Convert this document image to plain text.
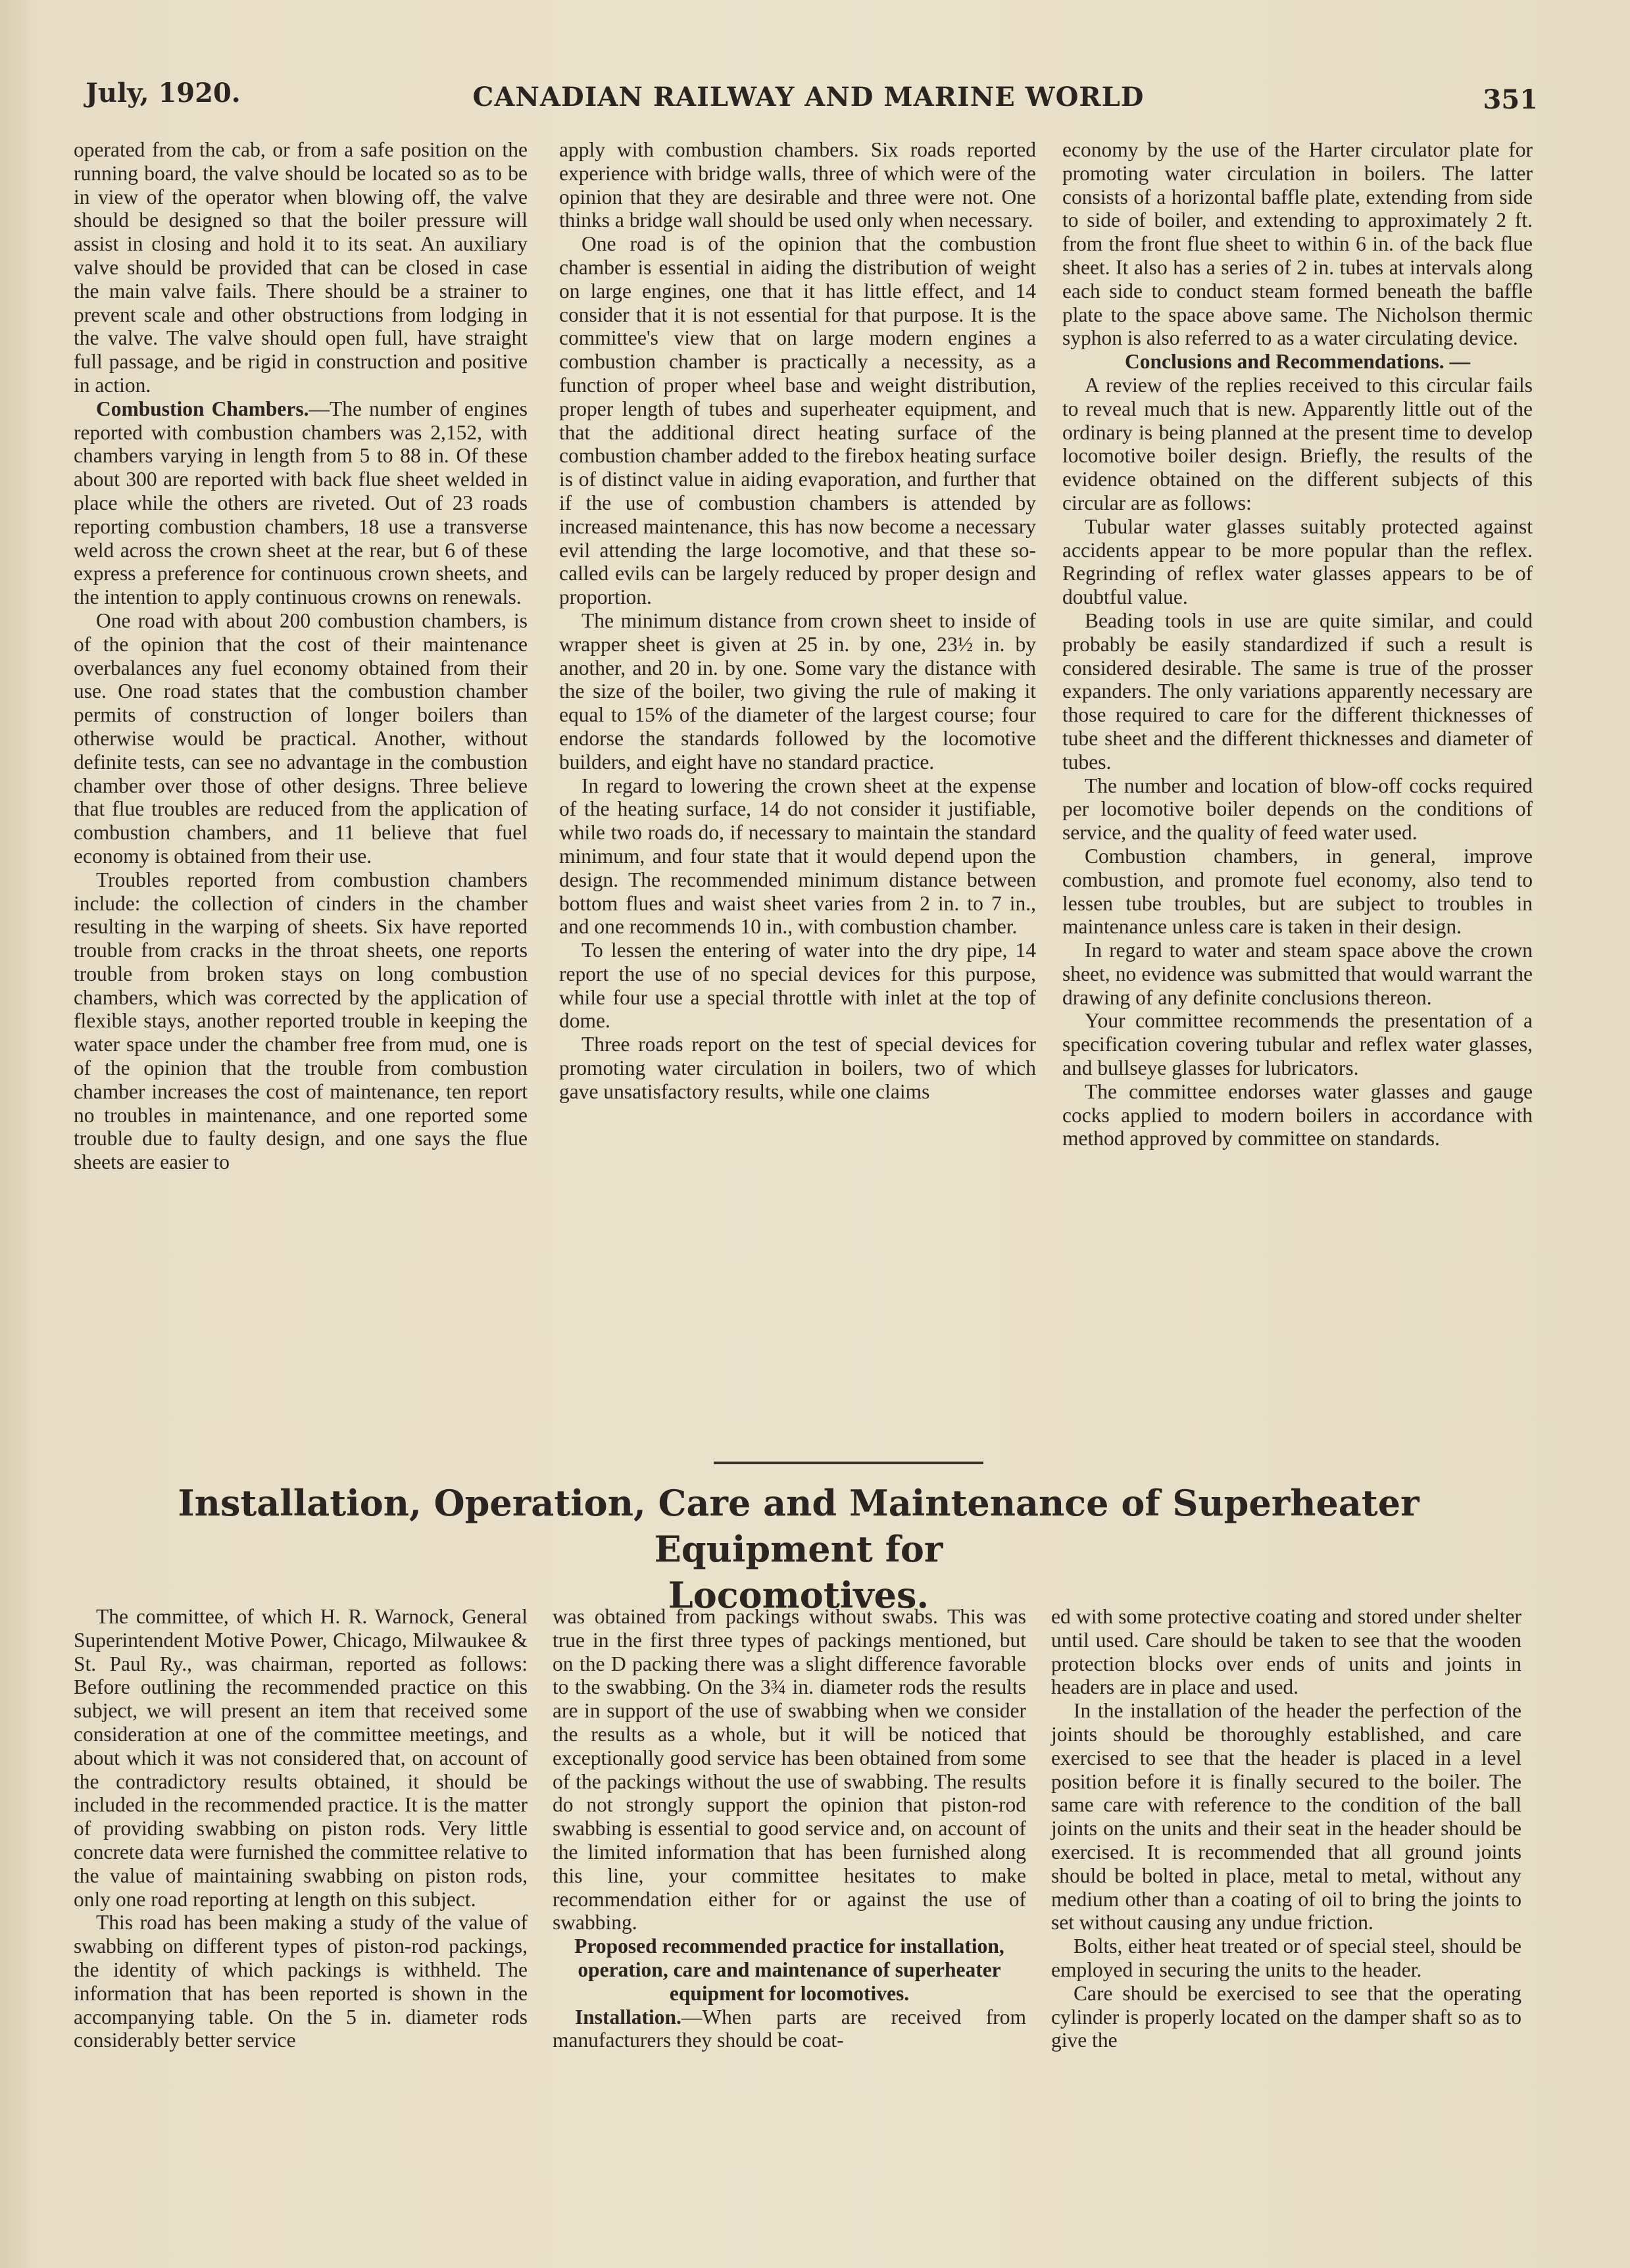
July, 1920.	CANADIAN RAILWAY AND MARINE WORLD	351

operated from the cab, or from a safe position on the running board, the valve should be located so as to be in view of the operator when blowing off, the valve should be designed so that the boiler pressure will assist in closing and hold it to its seat. An auxiliary valve should be provided that can be closed in case the main valve fails. There should be a strainer to prevent scale and other obstructions from lodging in the valve. The valve should open full, have straight full passage, and be rigid in construction and positive in action.

Combustion Chambers.—The number of engines reported with combustion chambers was 2,152, with chambers varying in length from 5 to 88 in. Of these about 300 are reported with back flue sheet welded in place while the others are riveted. Out of 23 roads reporting combustion chambers, 18 use a transverse weld across the crown sheet at the rear, but 6 of these express a preference for continuous crown sheets, and the intention to apply continuous crowns on renewals.

One road with about 200 combustion chambers, is of the opinion that the cost of their maintenance overbalances any fuel economy obtained from their use. One road states that the combustion chamber permits of construction of longer boilers than otherwise would be practical. Another, without definite tests, can see no advantage in the combustion chamber over those of other designs. Three believe that flue troubles are reduced from the application of combustion chambers, and 11 believe that fuel economy is obtained from their use.

Troubles reported from combustion chambers include: the collection of cinders in the chamber resulting in the warping of sheets. Six have reported trouble from cracks in the throat sheets, one reports trouble from broken stays on long combustion chambers, which was corrected by the application of flexible stays, another reported trouble in keeping the water space under the chamber free from mud, one is of the opinion that the trouble from combustion chamber increases the cost of maintenance, ten report no troubles in maintenance, and one reported some trouble due to faulty design, and one says the flue sheets are easier to

apply with combustion chambers. Six roads reported experience with bridge walls, three of which were of the opinion that they are desirable and three were not. One thinks a bridge wall should be used only when necessary.

One road is of the opinion that the combustion chamber is essential in aiding the distribution of weight on large engines, one that it has little effect, and 14 consider that it is not essential for that purpose. It is the committee's view that on large modern engines a combustion chamber is practically a necessity, as a function of proper wheel base and weight distribution, proper length of tubes and superheater equipment, and that the additional direct heating surface of the combustion chamber added to the firebox heating surface is of distinct value in aiding evaporation, and further that if the use of combustion chambers is attended by increased maintenance, this has now become a necessary evil attending the large locomotive, and that these so-called evils can be largely reduced by proper design and proportion.

The minimum distance from crown sheet to inside of wrapper sheet is given at 25 in. by one, 23½ in. by another, and 20 in. by one. Some vary the distance with the size of the boiler, two giving the rule of making it equal to 15% of the diameter of the largest course; four endorse the standards followed by the locomotive builders, and eight have no standard practice.

In regard to lowering the crown sheet at the expense of the heating surface, 14 do not consider it justifiable, while two roads do, if necessary to maintain the standard minimum, and four state that it would depend upon the design. The recommended minimum distance between bottom flues and waist sheet varies from 2 in. to 7 in., and one recommends 10 in., with combustion chamber.

To lessen the entering of water into the dry pipe, 14 report the use of no special devices for this purpose, while four use a special throttle with inlet at the top of dome.

Three roads report on the test of special devices for promoting water circulation in boilers, two of which gave unsatisfactory results, while one claims

economy by the use of the Harter circulator plate for promoting water circulation in boilers. The latter consists of a horizontal baffle plate, extending from side to side of boiler, and extending to approximately 2 ft. from the front flue sheet to within 6 in. of the back flue sheet. It also has a series of 2 in. tubes at intervals along each side to conduct steam formed beneath the baffle plate to the space above same. The Nicholson thermic syphon is also referred to as a water circulating device.

Conclusions and Recommendations. —

A review of the replies received to this circular fails to reveal much that is new. Apparently little out of the ordinary is being planned at the present time to develop locomotive boiler design. Briefly, the results of the evidence obtained on the different subjects of this circular are as follows:

Tubular water glasses suitably protected against accidents appear to be more popular than the reflex. Regrinding of reflex water glasses appears to be of doubtful value.

Beading tools in use are quite similar, and could probably be easily standardized if such a result is considered desirable. The same is true of the prosser expanders. The only variations apparently necessary are those required to care for the different thicknesses of tube sheet and the different thicknesses and diameter of tubes.

The number and location of blow-off cocks required per locomotive boiler depends on the conditions of service, and the quality of feed water used.

Combustion chambers, in general, improve combustion, and promote fuel economy, also tend to lessen tube troubles, but are subject to troubles in maintenance unless care is taken in their design.

In regard to water and steam space above the crown sheet, no evidence was submitted that would warrant the drawing of any definite conclusions thereon.

Your committee recommends the presentation of a specification covering tubular and reflex water glasses, and bullseye glasses for lubricators.

The committee endorses water glasses and gauge cocks applied to modern boilers in accordance with method approved by committee on standards.

Installation, Operation, Care and Maintenance of Superheater Equipment for
Locomotives.

The committee, of which H. R. Warnock, General Superintendent Motive Power, Chicago, Milwaukee & St. Paul Ry., was chairman, reported as follows: Before outlining the recommended practice on this subject, we will present an item that received some consideration at one of the committee meetings, and about which it was not considered that, on account of the contradictory results obtained, it should be included in the recommended practice. It is the matter of providing swabbing on piston rods. Very little concrete data were furnished the committee relative to the value of maintaining swabbing on piston rods, only one road reporting at length on this subject.

This road has been making a study of the value of swabbing on different types of piston-rod packings, the identity of which packings is withheld. The information that has been reported is shown in the accompanying table. On the 5 in. diameter rods considerably better service

was obtained from packings without swabs. This was true in the first three types of packings mentioned, but on the D packing there was a slight difference favorable to the swabbing. On the 3¾ in. diameter rods the results are in support of the use of swabbing when we consider the results as a whole, but it will be noticed that exceptionally good service has been obtained from some of the packings without the use of swabbing. The results do not strongly support the opinion that piston-rod swabbing is essential to good service and, on account of the limited information that has been furnished along this line, your committee hesitates to make recommendation either for or against the use of swabbing.

Proposed recommended practice for installation, operation, care and maintenance of superheater equipment for locomotives.

Installation.—When parts are received from manufacturers they should be coat-

ed with some protective coating and stored under shelter until used. Care should be taken to see that the wooden protection blocks over ends of units and joints in headers are in place and used.

In the installation of the header the perfection of the joints should be thoroughly established, and care exercised to see that the header is placed in a level position before it is finally secured to the boiler. The same care with reference to the condition of the ball joints on the units and their seat in the header should be exercised. It is recommended that all ground joints should be bolted in place, metal to metal, without any medium other than a coating of oil to bring the joints to set without causing any undue friction.

Bolts, either heat treated or of special steel, should be employed in securing the units to the header.

Care should be exercised to see that the operating cylinder is properly located on the damper shaft so as to give the
